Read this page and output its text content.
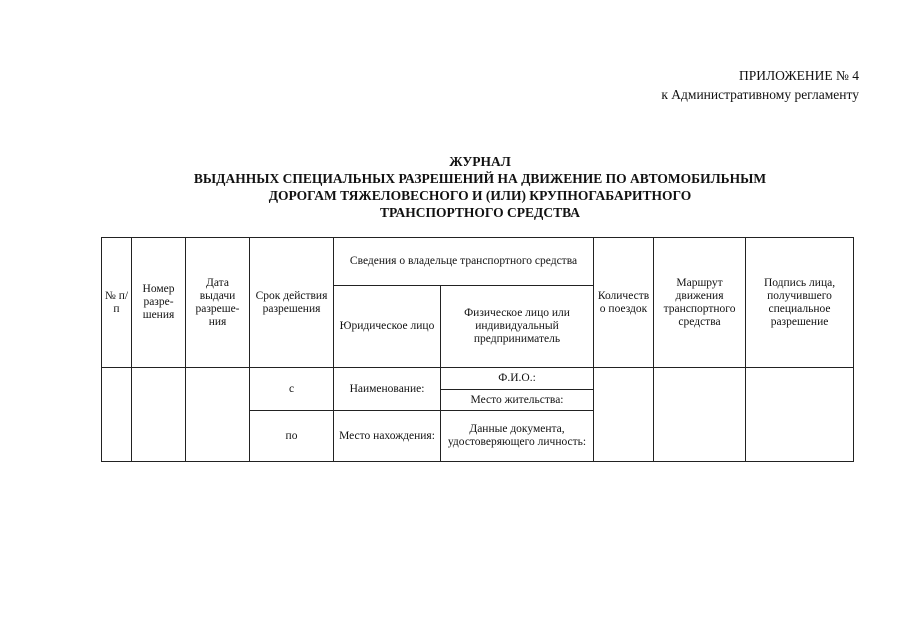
ПРИЛОЖЕНИЕ № 4
к Административному регламенту
ЖУРНАЛ
ВЫДАННЫХ СПЕЦИАЛЬНЫХ РАЗРЕШЕНИЙ НА ДВИЖЕНИЕ ПО АВТОМОБИЛЬНЫМ
ДОРОГАМ ТЯЖЕЛОВЕСНОГО И (ИЛИ) КРУПНОГАБАРИТНОГО
ТРАНСПОРТНОГО СРЕДСТВА
№ п/п	Номер разре-шения	Дата выдачи разреше-ния	Срок действия разрешения	Сведения о владельце транспортного средства		Количеств о поездок	Маршрут движения транспортного средства	Подпись лица, получившего специальное разрешение
				Юридическое лицо	Физическое лицо или индивидуальный предприниматель			
			с	Наименование:	Ф.И.О.:			
					Место жительства:			
			по	Место нахождения:	Данные документа, удостоверяющего личность:			
